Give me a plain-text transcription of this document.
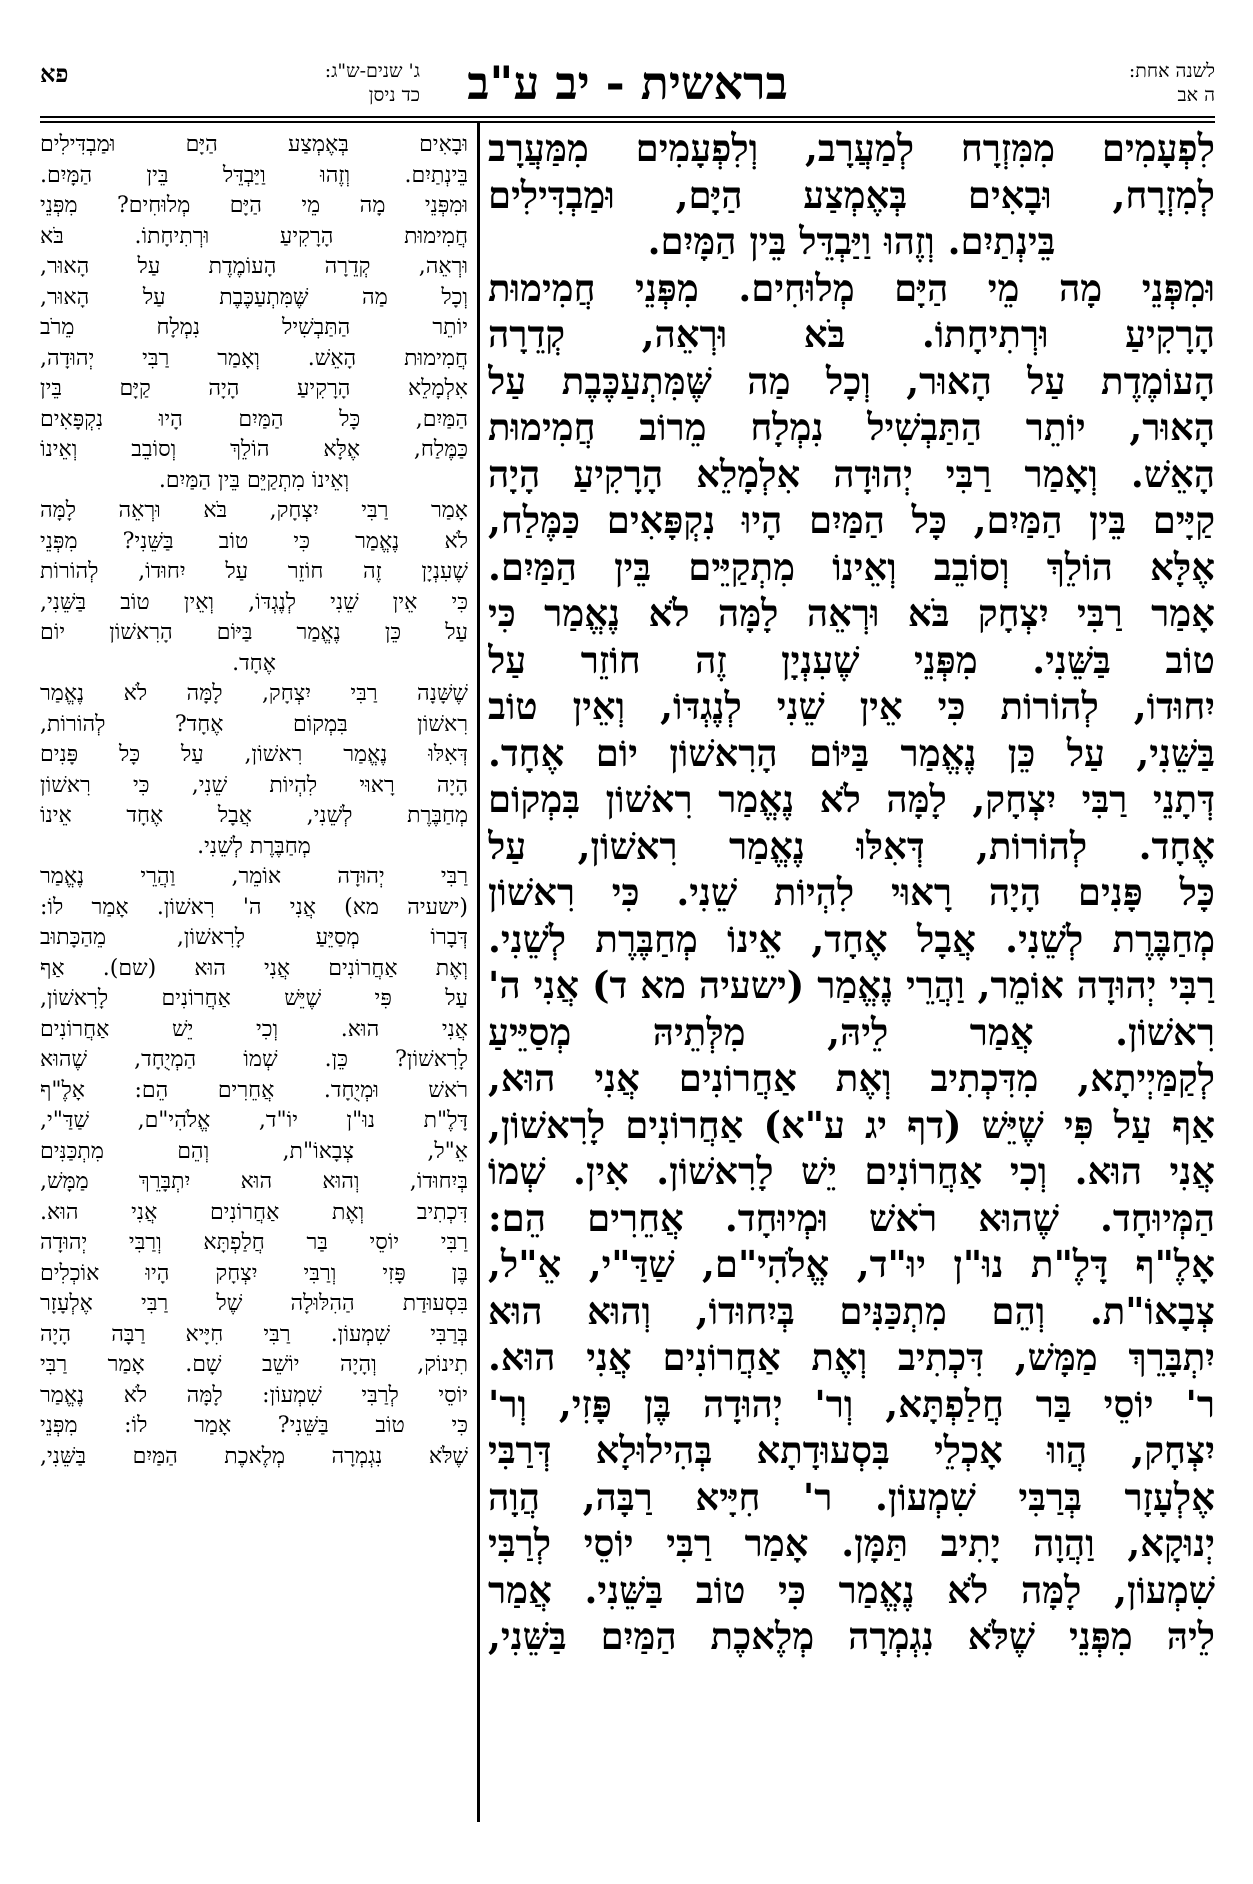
לשנה אחת:
ה אב
בראשית - יב ע"ב
ג' שנים-ש"ג:
כד ניסן
פא
לִפְעָמִים מִמִּזְרָח לְמַעֲרָב, וְלִפְעָמִים מִמַּעֲרָב
לְמִזְרָח, וּבָאִים בְּאֶמְצַע הַיָּם, וּמַבְדִּילִים
בֵּינְתַיִם. וְזֶהוּ וַיַּבְדֵּל בֵּין הַמָּיִם.
וּמִפְּנֵי מָה מֵי הַיָּם מְלוּחִים. מִפְּנֵי חֲמִימוּת
הָרָקִיעַ וּרְתִיחָתוֹ. בֹּא וּרְאֵה, קְדֵרָה
הָעוֹמֶדֶת עַל הָאוּר, וְכָל מַה שֶּׁמִּתְעַכֶּבֶת עַל
הָאוּר, יוֹתֵר הַתַּבְשִׁיל נִמְלָח מֵרוֹב חֲמִימוּת
הָאֵשׁ. וְאָמַר רַבִּי יְהוּדָה אִלְמָלֵא הָרָקִיעַ הָיָה
קַיָּים בֵּין הַמַּיִם, כָּל הַמַּיִם הָיוּ נִקְפָּאִים כַּמֶּלַח,
אֶלָּא הוֹלֵךְ וְסוֹבֵב וְאֵינוֹ מִתְקַיֵּים בֵּין הַמַּיִם.
אָמַר רַבִּי יִצְחָק בֹּא וּרְאֵה לָמָּה לֹא נֶאֱמַר כִּי
טוֹב בַּשֵּׁנִי. מִפְּנֵי שֶׁעִנְיָן זֶה חוֹזֵר עַל
יִחוּדוֹ, לְהוֹרוֹת כִּי אֵין שֵׁנִי לְנֶגְדּוֹ, וְאֵין טוֹב
בַּשֵּׁנִי, עַל כֵּן נֶאֱמַר בַּיּוֹם הָרִאשׁוֹן יוֹם אֶחָד.
דְּתָנֵי רַבִּי יִצְחָק, לָמָּה לֹא נֶאֱמַר רִאשׁוֹן בִּמְקוֹם
אֶחָד. לְהוֹרוֹת, דְּאִלּוּ נֶאֱמַר רִאשׁוֹן, עַל
כָּל פָּנִים הָיָה רָאוּי לִהְיוֹת שֵׁנִי. כִּי רִאשׁוֹן
מְחַבֶּרֶת לְשֵׁנִי. אֲבָל אֶחָד, אֵינוֹ מְחַבֶּרֶת לְשֵׁנִי.
רַבִּי יְהוּדָה אוֹמֵר, וַהֲרֵי נֶאֱמַר (ישעיה מא ד) אֲנִי ה'
רִאשׁוֹן. אֲמַר לֵיהּ, מִלְּתֵיהּ מְסַיֵּיעַ
לְקַמַּיְיתָא, מִדִּכְתִיב וְאֶת אַחֲרוֹנִים אֲנִי הוּא,
אַף עַל פִּי שֶׁיֵּשׁ (דף יג ע"א) אַחֲרוֹנִים לָרִאשׁוֹן,
אֲנִי הוּא. וְכִי אַחֲרוֹנִים יֵשׁ לָרִאשׁוֹן. אִין. שְׁמוֹ
הַמְּיוּחָד. שֶׁהוּא רֹאשׁ וּמְיוּחָד. אֲחֵרִים הֵם:
אָלֶ"ף דָּלֶ"ת נוּ"ן יוּ"ד, אֱלֹהִי"ם, שַׁדַּ"י, אֵ"ל,
צְבָאוֹ"ת. וְהֵם מִתְכַּנִּים בְּיִחוּדוֹ, וְהוּא הוּא
יִתְבָּרֵךְ מַמָּשׁ, דִּכְתִיב וְאֶת אַחֲרוֹנִים אֲנִי הוּא.
ר' יוֹסֵי בַּר חֲלַפְתָּא, וְר' יְהוּדָה בֶּן פָּזִי, וְר'
יִצְחָק, הֲווּ אָכְלֵי בִּסְעוּדָתָא בְּהִילוּלָא דְּרַבִּי
אֶלְעָזָר בְּרַבִּי שִׁמְעוֹן. ר' חִיָּיא רַבָּה, הֲוָה
יְנוּקָא, וַהֲוָה יָתִיב תַּמָּן. אָמַר רַבִּי יוֹסֵי לְרַבִּי
שִׁמְעוֹן, לָמָּה לֹא נֶאֱמַר כִּי טוֹב בַּשֵּׁנִי. אֲמַר
לֵיהּ מִפְּנֵי שֶׁלֹּא נִגְמְרָה מְלֶאכֶת הַמַּיִם בַּשֵּׁנִי,
וּבָאִים בְּאֶמְצַע הַיָּם וּמַבְדִּילִים
בֵּינְתַיִם. וְזֶהוּ וַיַּבְדֵּל בֵּין הַמָּיִם.
וּמִפְּנֵי מָה מֵי הַיָּם מְלוּחִים? מִפְּנֵי
חֲמִימוּת הָרָקִיעַ וּרְתִיחָתוֹ. בֹּא
וּרְאֵה, קְדֵרָה הָעוֹמֶדֶת עַל הָאוּר,
וְכָל מַה שֶּׁמִּתְעַכֶּבֶת עַל הָאוּר,
יוֹתֵר הַתַּבְשִׁיל נִמְלָח מֵרֹב
חֲמִימוּת הָאֵשׁ. וְאָמַר רַבִּי יְהוּדָה,
אִלְמָלֵא הָרָקִיעַ הָיָה קַיָּם בֵּין
הַמַּיִם, כָּל הַמַּיִם הָיוּ נִקְפָּאִים
כַּמֶּלַח, אֶלָּא הוֹלֵךְ וְסוֹבֵב וְאֵינוֹ
וְאֵינוֹ מִתְקַיֵּם בֵּין הַמַּיִם.
אָמַר רַבִּי יִצְחָק, בֹּא וּרְאֵה לָמָּה
לֹא נֶאֱמַר כִּי טוֹב בַּשֵּׁנִי? מִפְּנֵי
שֶׁעִנְיָן זֶה חוֹזֵר עַל יִחוּדוֹ, לְהוֹרוֹת
כִּי אֵין שֵׁנִי לְנֶגְדּוֹ, וְאֵין טוֹב בַּשֵּׁנִי,
עַל כֵּן נֶאֱמַר בַּיּוֹם הָרִאשׁוֹן יוֹם
אֶחָד.
שֶׁשָּׁנָה רַבִּי יִצְחָק, לָמָּה לֹא נֶאֱמַר
רִאשׁוֹן בִּמְקוֹם אֶחָד? לְהוֹרוֹת,
דְּאִלּוּ נֶאֱמַר רִאשׁוֹן, עַל כָּל פָּנִים
הָיָה רָאוּי לִהְיוֹת שֵׁנִי, כִּי רִאשׁוֹן
מְחַבֶּרֶת לְשֵׁנִי, אֲבָל אֶחָד אֵינוֹ
מְחַבֶּרֶת לְשֵׁנִי.
רַבִּי יְהוּדָה אוֹמֵר, וַהֲרֵי נֶאֱמַר
(ישעיה מא) אֲנִי ה' רִאשׁוֹן. אָמַר לוֹ:
דְּבָרוֹ מְסַיֵּעַ לָרִאשׁוֹן, מֵהַכָּתוּב
וְאֶת אַחֲרוֹנִים אֲנִי הוּא (שם). אַף
עַל פִּי שֶׁיֵּשׁ אַחֲרוֹנִים לָרִאשׁוֹן,
אֲנִי הוּא. וְכִי יֵשׁ אַחֲרוֹנִים
לָרִאשׁוֹן? כֵּן. שְׁמוֹ הַמְיֻחָד, שֶׁהוּא
רֹאשׁ וּמְיֻחָד. אֲחֵרִים הֵם: אָלֶ"ף
דָּלֶ"ת נוּ"ן יוֹ"ד, אֱלֹהִי"ם, שַׁדַּ"י,
אֵ"ל, צְבָאוֹ"ת, וְהֵם מִתְכַּנִּים
בְּיִחוּדוֹ, וְהוּא הוּא יִתְבָּרֵךְ מַמָּשׁ,
דִּכְתִיב וְאֶת אַחֲרוֹנִים אֲנִי הוּא.
רַבִּי יוֹסֵי בַּר חֲלַפְתָּא וְרַבִּי יְהוּדָה
בֶּן פָּזִי וְרַבִּי יִצְחָק הָיוּ אוֹכְלִים
בִּסְעוּדַת הַהִלּוּלָה שֶׁל רַבִּי אֶלְעָזָר
בְּרַבִּי שִׁמְעוֹן. רַבִּי חִיָּיא רַבָּה הָיָה
תִינוֹק, וְהָיָה יוֹשֵׁב שָׁם. אָמַר רַבִּי
יוֹסֵי לְרַבִּי שִׁמְעוֹן: לָמָּה לֹא נֶאֱמַר
כִּי טוֹב בַּשֵּׁנִי? אָמַר לוֹ: מִפְּנֵי
שֶׁלֹּא נִגְמְרָה מְלֶאכֶת הַמַּיִם בַּשֵּׁנִי,
